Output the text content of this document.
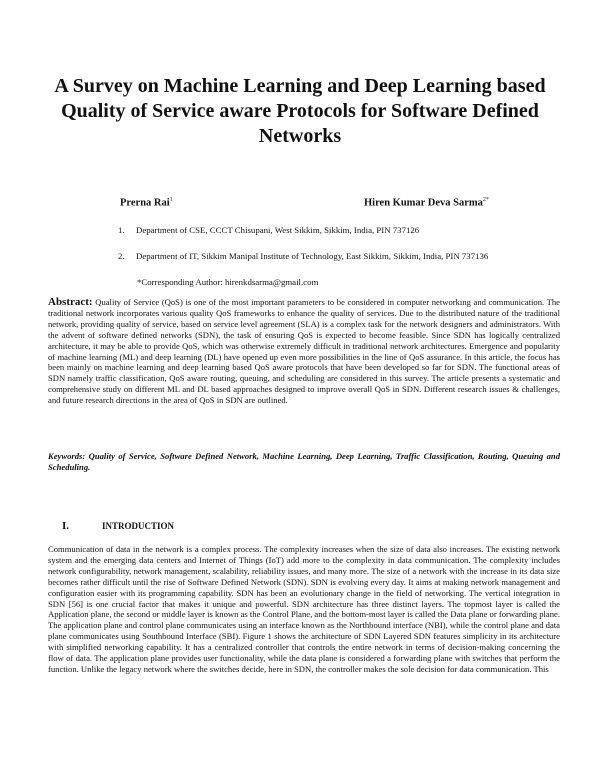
A Survey on Machine Learning and Deep Learning based Quality of Service aware Protocols for Software Defined Networks
Prerna Rai$^1$	Hiren Kumar Deva Sarma$^{2*}$
1. Department of CSE, CCCT Chisupani, West Sikkim, Sikkim, India, PIN 737126
2. Department of IT, Sikkim Manipal Institute of Technology, East Sikkim, Sikkim, India, PIN 737136
*Corresponding Author: hirenkdsarma@gmail.com

Abstract: Quality of Service (QoS) is one of the most important parameters to be considered in computer networking and communication. The traditional network incorporates various quality QoS frameworks to enhance the quality of services. Due to the distributed nature of the traditional network, providing quality of service, based on service level agreement (SLA) is a complex task for the network designers and administrators. With the advent of software defined networks (SDN), the task of ensuring QoS is expected to become feasible. Since SDN has logically centralized architecture, it may be able to provide QoS, which was otherwise extremely difficult in traditional network architectures. Emergence and popularity of machine learning (ML) and deep learning (DL) have opened up even more possibilities in the line of QoS assurance. In this article, the focus has been mainly on machine learning and deep learning based QoS aware protocols that have been developed so far for SDN. The functional areas of SDN namely traffic classification, QoS aware routing, queuing, and scheduling are considered in this survey. The article presents a systematic and comprehensive study on different ML and DL based approaches designed to improve overall QoS in SDN. Different research issues & challenges, and future research directions in the area of QoS in SDN are outlined.

Keywords: Quality of Service, Software Defined Network, Machine Learning, Deep Learning, Traffic Classification, Routing, Queuing and Scheduling.

I.	INTRODUCTION

Communication of data in the network is a complex process. The complexity increases when the size of data also increases. The existing network system and the emerging data centers and Internet of Things (IoT) add more to the complexity in data communication. The complexity includes network configurability, network management, scalability, reliability issues, and many more. The size of a network with the increase in its data size becomes rather difficult until the rise of Software Defined Network (SDN). SDN is evolving every day. It aims at making network management and configuration easier with its programming capability. SDN has been an evolutionary change in the field of networking. The vertical integration in SDN [56] is one crucial factor that makes it unique and powerful. SDN architecture has three distinct layers. The topmost layer is called the Application plane, the second or middle layer is known as the Control Plane, and the bottom-most layer is called the Data plane or forwarding plane. The application plane and control plane communicates using an interface known as the Northbound interface (NBI), while the control plane and data plane communicates using Southbound Interface (SBI). Figure 1 shows the architecture of SDN Layered SDN features simplicity in its architecture with simplified networking capability. It has a centralized controller that controls the entire network in terms of decision-making concerning the flow of data. The application plane provides user functionality, while the data plane is considered a forwarding plane with switches that perform the function. Unlike the legacy network where the switches decide, here in SDN, the controller makes the sole decision for data communication. This
